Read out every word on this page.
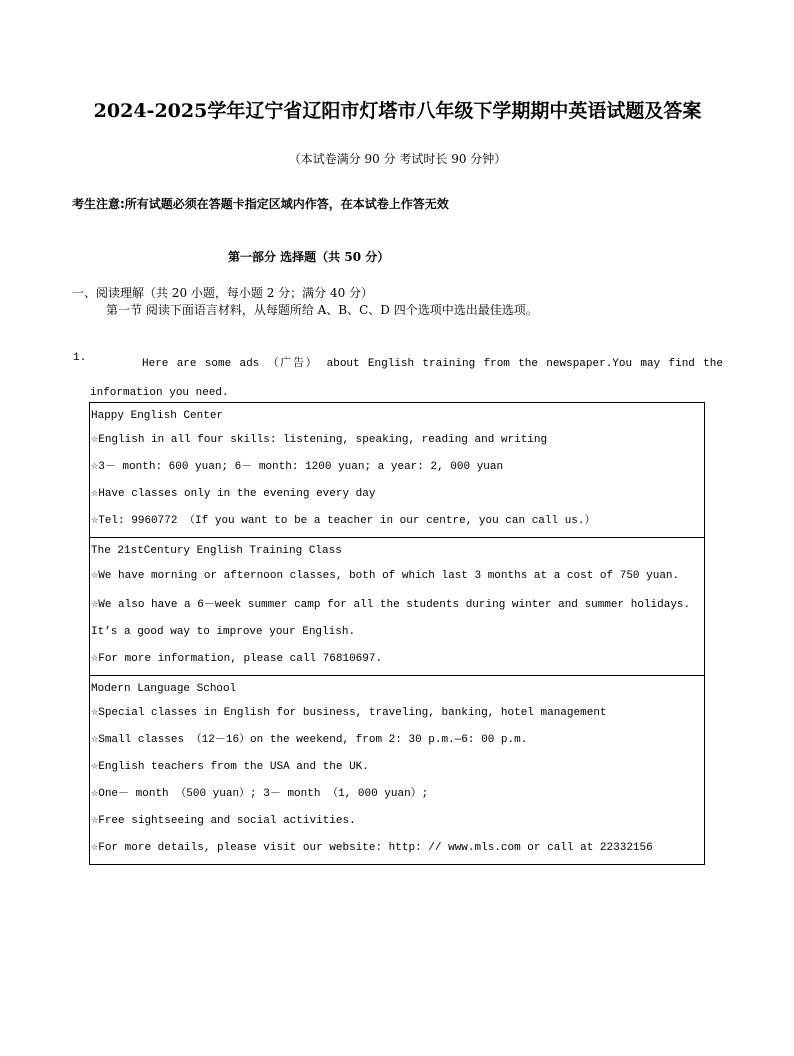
2024-2025学年辽宁省辽阳市灯塔市八年级下学期期中英语试题及答案
（本试卷满分 90 分 考试时长 90 分钟）
考生注意:所有试题必须在答题卡指定区域内作答，在本试卷上作答无效
第一部分 选择题（共 50 分）
一、阅读理解（共 20 小题，每小题 2 分；满分 40 分）
第一节 阅读下面语言材料，从每题所给 A、B、C、D 四个选项中选出最佳选项。
1.	Here are some ads （广告） about English training from the newspaper.You may find the information you need.
Happy English Center
☆English in all four skills: listening, speaking, reading and writing
☆3－ month: 600 yuan; 6－ month: 1200 yuan; a year: 2, 000 yuan
☆Have classes only in the evening every day
☆Tel: 9960772 （If you want to be a teacher in our centre, you can call us.）

The 21stCentury English Training Class
☆We have morning or afternoon classes, both of which last 3 months at a cost of 750 yuan.
☆We also have a 6－week summer camp for all the students during winter and summer holidays.
It’s a good way to improve your English.
☆For more information, please call 76810697.

Modern Language School
☆Special classes in English for business, traveling, banking, hotel management
☆Small classes （12－16）on the weekend, from 2: 30 p.m.—6: 00 p.m.
☆English teachers from the USA and the UK.
☆One－ month （500 yuan）; 3－ month （1, 000 yuan）;
☆Free sightseeing and social activities.
☆For more details, please visit our website: http: // www.mls.com or call at 22332156
